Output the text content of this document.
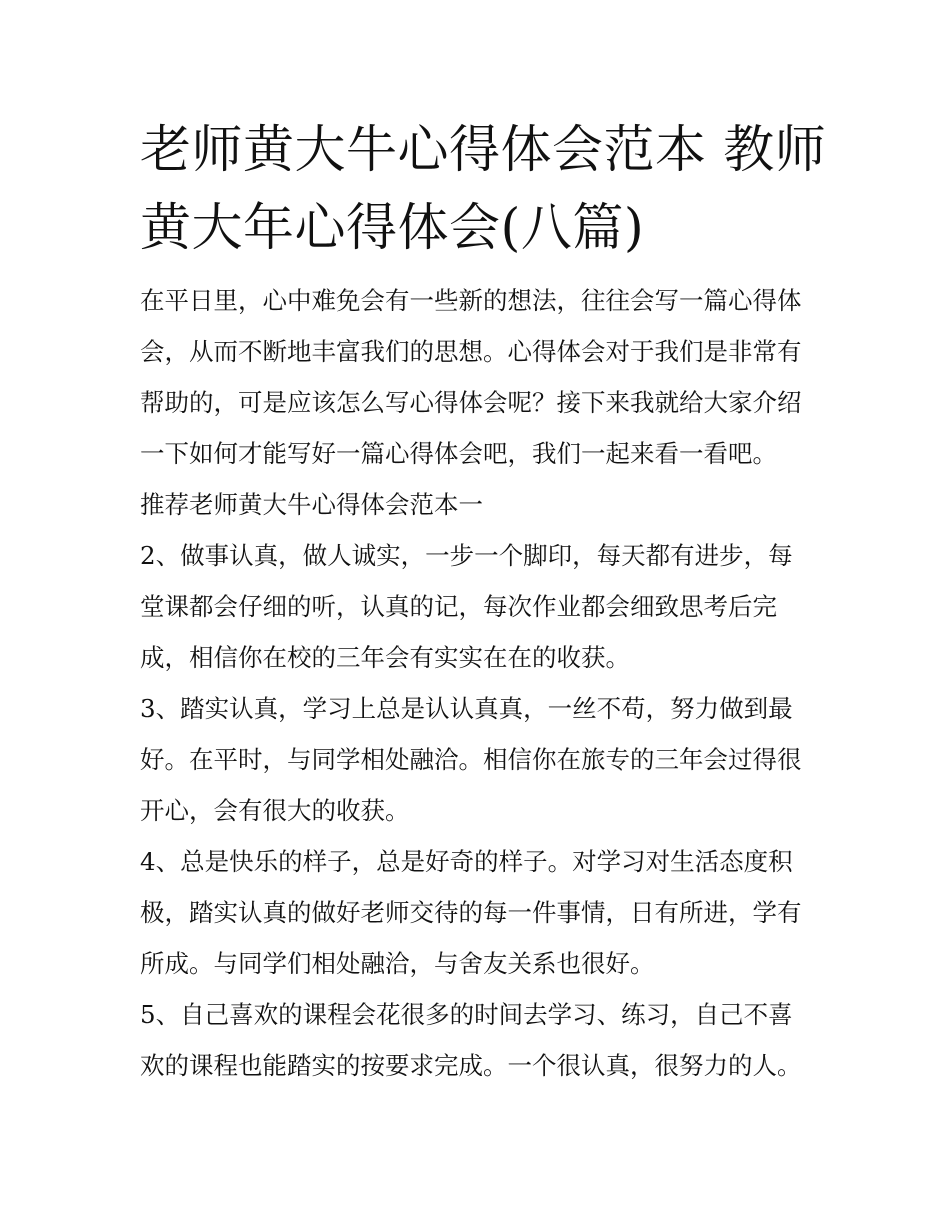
老师黄大牛心得体会范本 教师
黄大年心得体会(八篇)

在平日里，心中难免会有一些新的想法，往往会写一篇心得体

会，从而不断地丰富我们的思想。心得体会对于我们是非常有

帮助的，可是应该怎么写心得体会呢？接下来我就给大家介绍

一下如何才能写好一篇心得体会吧，我们一起来看一看吧。

推荐老师黄大牛心得体会范本一

2、做事认真，做人诚实，一步一个脚印，每天都有进步，每

堂课都会仔细的听，认真的记，每次作业都会细致思考后完

成，相信你在校的三年会有实实在在的收获。

3、踏实认真，学习上总是认认真真，一丝不苟，努力做到最

好。在平时，与同学相处融洽。相信你在旅专的三年会过得很

开心，会有很大的收获。

4、总是快乐的样子，总是好奇的样子。对学习对生活态度积

极，踏实认真的做好老师交待的每一件事情，日有所进，学有

所成。与同学们相处融洽，与舍友关系也很好。

5、自己喜欢的课程会花很多的时间去学习、练习，自己不喜

欢的课程也能踏实的按要求完成。一个很认真，很努力的人。
